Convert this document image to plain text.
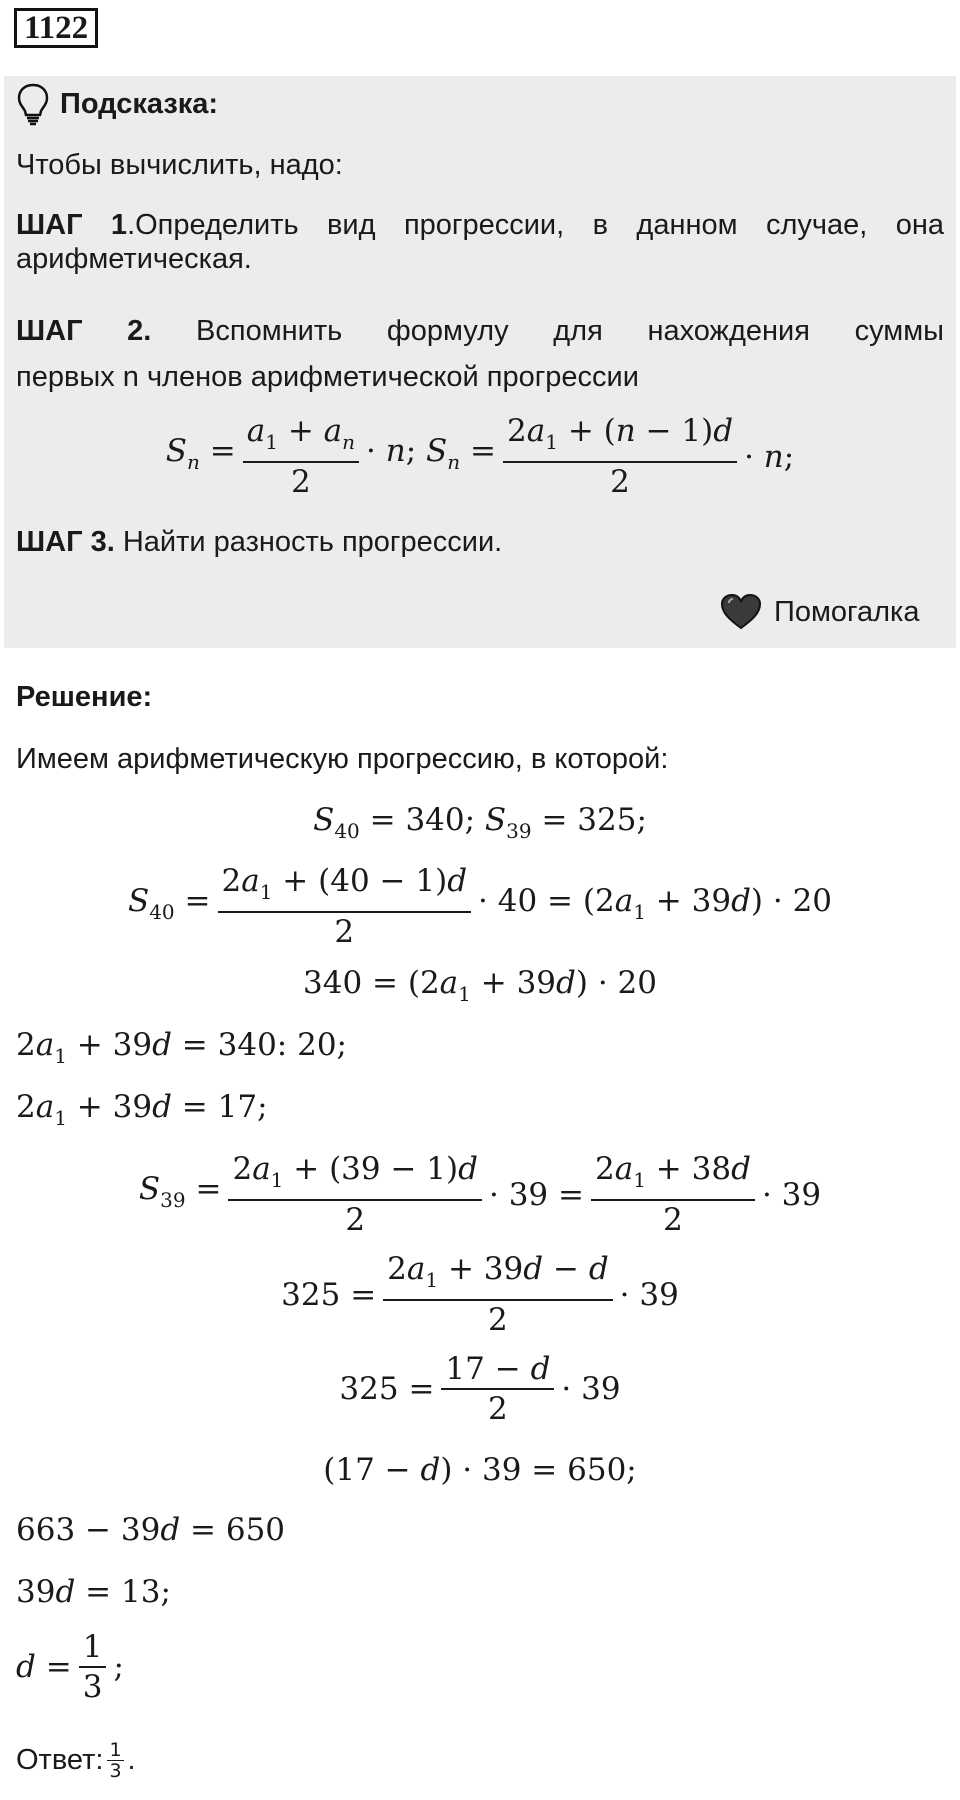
1122
Подсказка:
Чтобы вычислить, надо:
ШАГ 1.Определить вид прогрессии, в данном случае, она арифметическая.
ШАГ 2. Вспомнить формулу для нахождения суммы
первых n членов арифметической прогрессии
$S_n = \frac{a_1 + a_n}{2} \cdot n$; $S_n = \frac{2a_1 + (n - 1)d}{2} \cdot n$;
ШАГ 3. Найти разность прогрессии.
Помогалка
Решение:
Имеем арифметическую прогрессию, в которой:
$S_{40} = 340$; $S_{39} = 325$;
$S_{40} = \frac{2a_1 + (40 - 1)d}{2} \cdot 40 = (2a_1 + 39d) \cdot 20$
$340 = (2a_1 + 39d) \cdot 20$
$2a_1 + 39d = 340$: 20;
$2a_1 + 39d = 17$;
$S_{39} = \frac{2a_1 + (39 - 1)d}{2} \cdot 39 = \frac{2a_1 + 38d}{2} \cdot 39$
$325 = \frac{2a_1 + 39d - d}{2} \cdot 39$
$325 = \frac{17 - d}{2} \cdot 39$
(17 − d) · 39 = 650;
663 − 39d = 650
39d = 13;
$d = \frac{1}{3}$ ;
Ответ: $\frac{1}{3}$ .
